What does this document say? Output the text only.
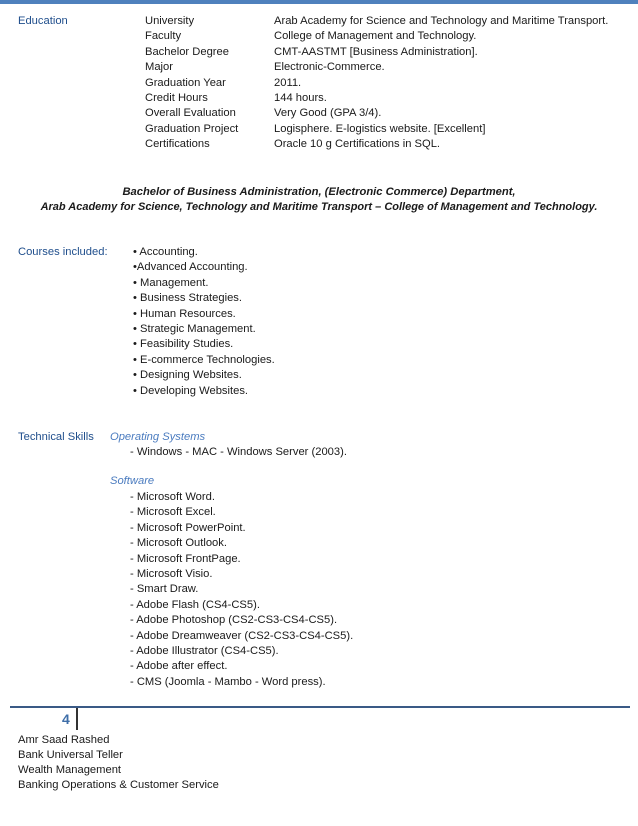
Education	University
Faculty
Bachelor Degree
Major
Graduation Year
Credit Hours
Overall Evaluation
Graduation Project
Certifications
Arab Academy for Science and Technology and Maritime Transport.
College of Management and Technology.
CMT-AASTMT [Business Administration].
Electronic-Commerce.
2011.
144 hours.
Very Good (GPA 3/4).
Logisphere. E-logistics website. [Excellent]
Oracle 10 g Certifications in SQL.
Bachelor of Business Administration, (Electronic Commerce) Department,
Arab Academy for Science, Technology and Maritime Transport – College of Management and Technology.
Courses included: • Accounting.
•Advanced Accounting.
• Management.
• Business Strategies.
• Human Resources.
• Strategic Management.
• Feasibility Studies.
• E-commerce Technologies.
• Designing Websites.
• Developing Websites.
Technical Skills Operating Systems
- Windows - MAC - Windows Server (2003).
Software
- Microsoft Word.
- Microsoft Excel.
- Microsoft PowerPoint.
- Microsoft Outlook.
- Microsoft FrontPage.
- Microsoft Visio.
- Smart Draw.
- Adobe Flash (CS4-CS5).
- Adobe Photoshop (CS2-CS3-CS4-CS5).
- Adobe Dreamweaver (CS2-CS3-CS4-CS5).
- Adobe Illustrator (CS4-CS5).
- Adobe after effect.
- CMS (Joomla - Mambo - Word press).
4
Amr Saad Rashed
Bank Universal Teller
Wealth Management
Banking Operations & Customer Service
